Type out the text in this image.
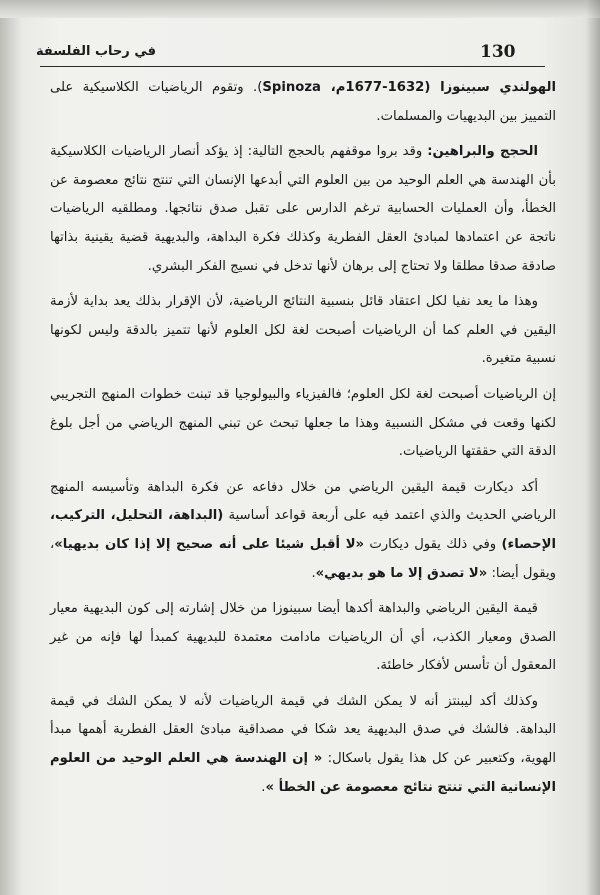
130
في رحاب الفلسفة

الهولندي سبينوزا (1632-1677م، Spinoza). وتقوم الرياضيات الكلاسيكية على التمييز بين البديهيات والمسلمات.

الحجج والبراهين: وقد بروا موقفهم بالحجج التالية: إذ يؤكد أنصار الرياضيات الكلاسيكية بأن الهندسة هي العلم الوحيد من بين العلوم التي أبدعها الإنسان التي تنتج نتائج معصومة عن الخطأ، وأن العمليات الحسابية ترغم الدارس على تقبل صدق نتائجها. ومطلقيه الرياضيات ناتجة عن اعتمادها لمبادئ العقل الفطرية وكذلك فكرة البداهة، والبديهية قضية يقينية بذاتها صادقة صدقا مطلقا ولا تحتاج إلى برهان لأنها تدخل في نسيج الفكر البشري.

وهذا ما يعد نفيا لكل اعتقاد قائل بنسبية النتائج الرياضية، لأن الإقرار بذلك يعد بداية لأزمة اليقين في العلم كما أن الرياضيات أصبحت لغة لكل العلوم لأنها تتميز بالدقة وليس لكونها نسبية متغيرة.

إن الرياضيات أصبحت لغة لكل العلوم؛ فالفيزياء والبيولوجيا قد تبنت خطوات المنهج التجريبي لكنها وقعت في مشكل النسبية وهذا ما جعلها تبحث عن تبني المنهج الرياضي من أجل بلوغ الدقة التي حققتها الرياضيات.

أكد ديكارت قيمة اليقين الرياضي من خلال دفاعه عن فكرة البداهة وتأسيسه المنهج الرياضي الحديث والذي اعتمد فيه على أربعة قواعد أساسية (البداهة، التحليل، التركيب، الإحصاء) وفي ذلك يقول ديكارت «لا أقبل شيئا على أنه صحيح إلا إذا كان بديهيا»، ويقول أيضا: «لا تصدق إلا ما هو بديهي».

قيمة اليقين الرياضي والبداهة أكدها أيضا سبينوزا من خلال إشارته إلى كون البديهية معيار الصدق ومعيار الكذب، أي أن الرياضيات مادامت معتمدة للبديهية كمبدأ لها فإنه من غير المعقول أن تأسس لأفكار خاطئة.

وكذلك أكد ليبنتز أنه لا يمكن الشك في قيمة الرياضيات لأنه لا يمكن الشك في قيمة البداهة. فالشك في صدق البديهية يعد شكا في مصداقية مبادئ العقل الفطرية أهمها مبدأ الهوية، وكتعبير عن كل هذا يقول باسكال: « إن الهندسة هي العلم الوحيد من العلوم الإنسانية التي تنتج نتائج معصومة عن الخطأ ».
